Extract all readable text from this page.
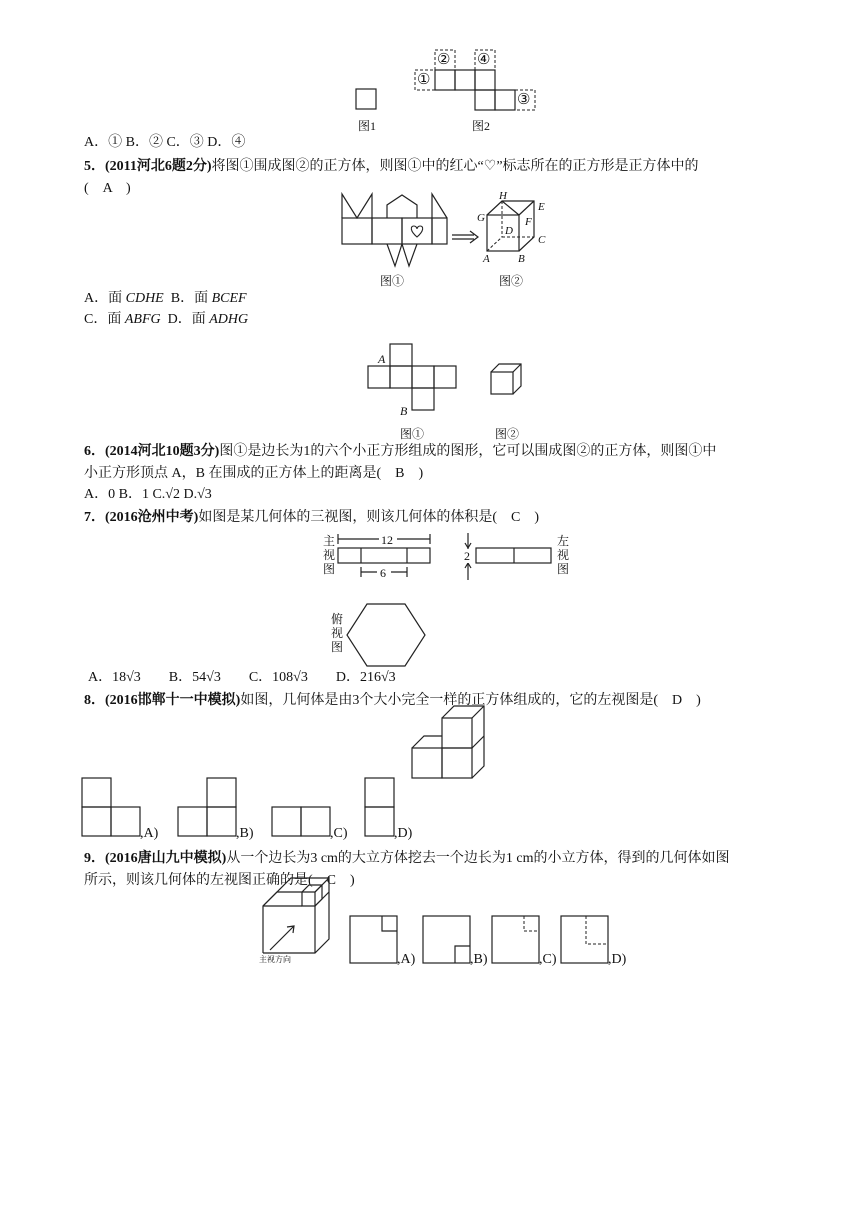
② ④
①
③
图1	图2
A．① B．② C．③ D．④
5．(2011河北6题2分)将图①围成图②的正方体，则图①中的红心“♡”标志所在的正方形是正方体中的
(　A　)	H
E
G	F
D
C
A	B
图①	图②
A．面 CDHE  B．面 BCEF
C．面 ABFG  D．面 ADHG
A
B
图①	图②
6．(2014河北10题3分)图①是边长为1的六个小正方形组成的图形，它可以围成图②的正方体，则图①中
小正方形顶点 A，B 在围成的正方体上的距离是(　B　)
A．0 B．1 C.√2 D.√3
7．(2016沧州中考)如图是某几何体的三视图，则该几何体的体积是(　C　)
主视图
左视图
俯视图
12
6
2
A．18√3　　B．54√3　　C．108√3　　D．216√3
8．(2016邯郸十一中模拟)如图，几何体是由3个大小完全一样的正方体组成的，它的左视图是(　D　)
,A)	,B)	,C)	,D)
9．(2016唐山九中模拟)从一个边长为3 cm的大立方体挖去一个边长为1 cm的小立方体，得到的几何体如图
所示，则该几何体的左视图正确的是(　C　)
主视方向	,A)	,B)	,C)	,D)
